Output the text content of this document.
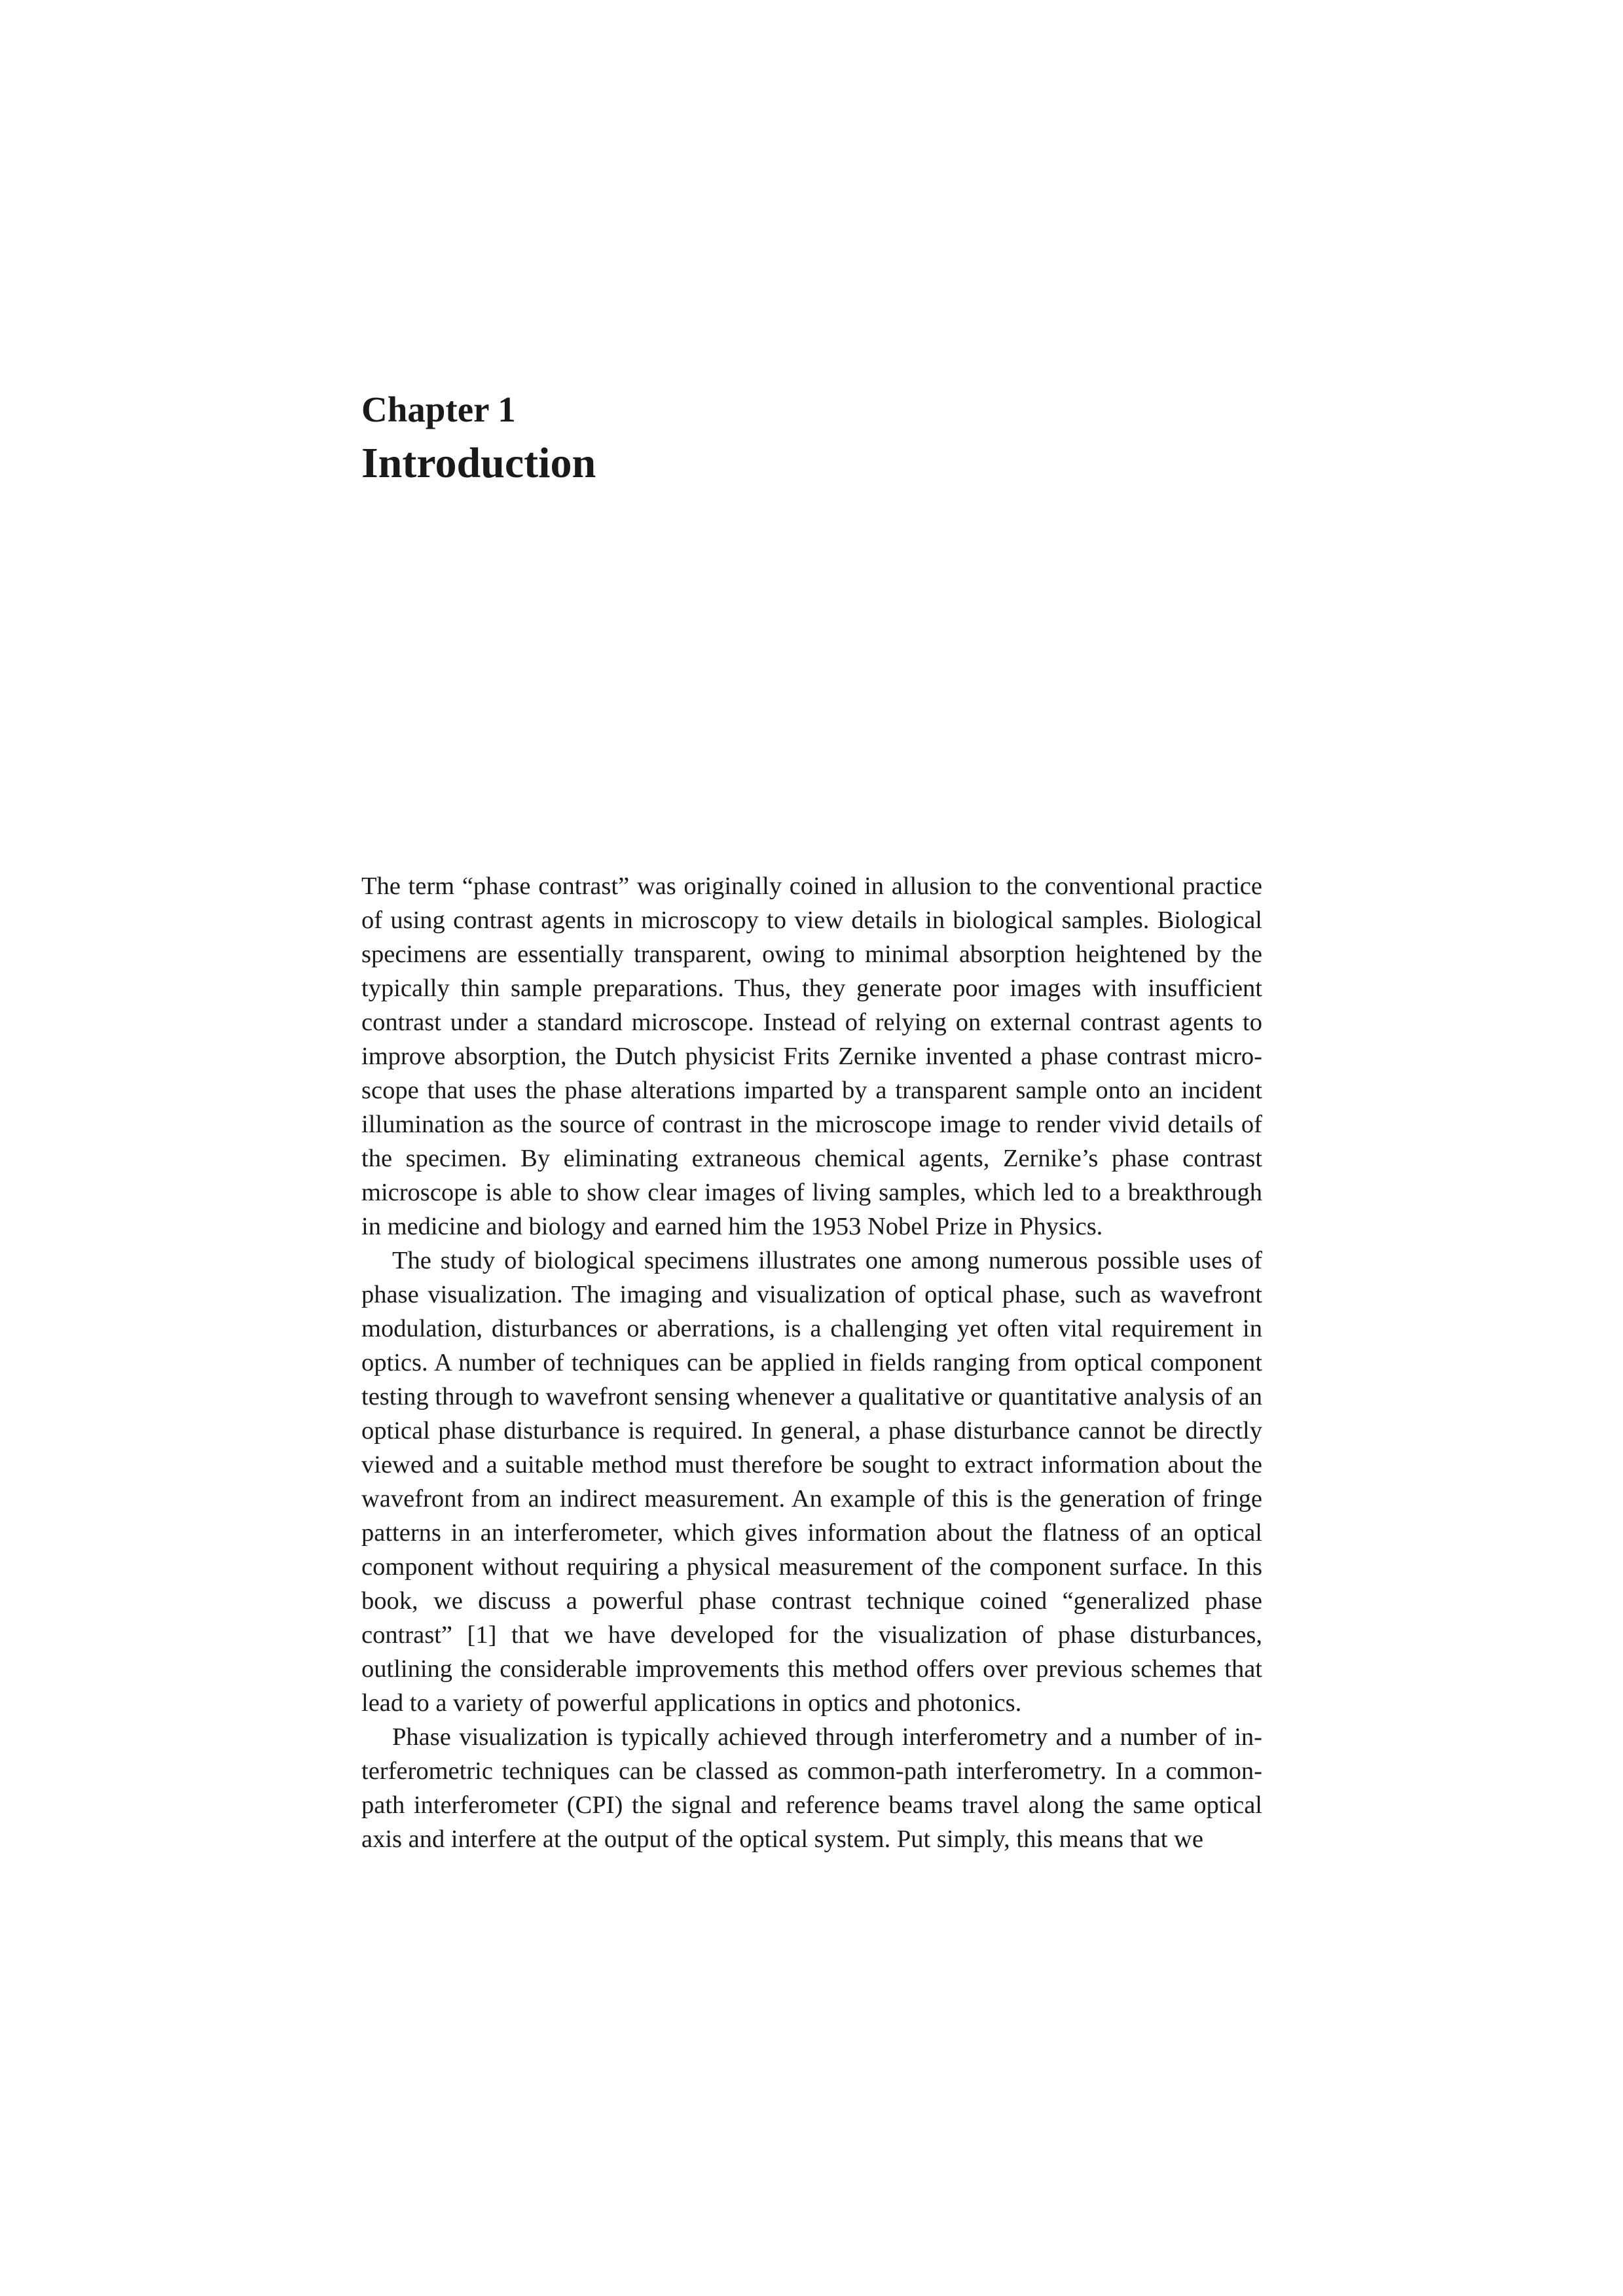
Chapter 1
Introduction

The term “phase contrast” was originally coined in allusion to the conventional practice of using contrast agents in microscopy to view details in biological samples. Biological specimens are essentially transparent, owing to minimal absorption heightened by the typically thin sample preparations. Thus, they generate poor images with insufficient contrast under a standard microscope. Instead of relying on external contrast agents to improve absorption, the Dutch physicist Frits Zernike invented a phase contrast microscope that uses the phase alterations imparted by a transparent sample onto an incident illumination as the source of contrast in the microscope image to render vivid details of the specimen. By eliminating extraneous chemical agents, Zernike’s phase contrast microscope is able to show clear images of living samples, which led to a breakthrough in medicine and biology and earned him the 1953 Nobel Prize in Physics.

The study of biological specimens illustrates one among numerous possible uses of phase visualization. The imaging and visualization of optical phase, such as wavefront modulation, disturbances or aberrations, is a challenging yet often vital requirement in optics. A number of techniques can be applied in fields ranging from optical component testing through to wavefront sensing whenever a qualitative or quantitative analysis of an optical phase disturbance is required. In general, a phase disturbance cannot be directly viewed and a suitable method must therefore be sought to extract information about the wavefront from an indirect measurement. An example of this is the generation of fringe patterns in an interferometer, which gives information about the flatness of an optical component without requiring a physical measurement of the component surface. In this book, we discuss a powerful phase contrast technique coined “generalized phase contrast” [1] that we have developed for the visualization of phase disturbances, outlining the considerable improvements this method offers over previous schemes that lead to a variety of powerful applications in optics and photonics.

Phase visualization is typically achieved through interferometry and a number of interferometric techniques can be classed as common-path interferometry. In a common-path interferometer (CPI) the signal and reference beams travel along the same optical axis and interfere at the output of the optical system. Put simply, this means that we
